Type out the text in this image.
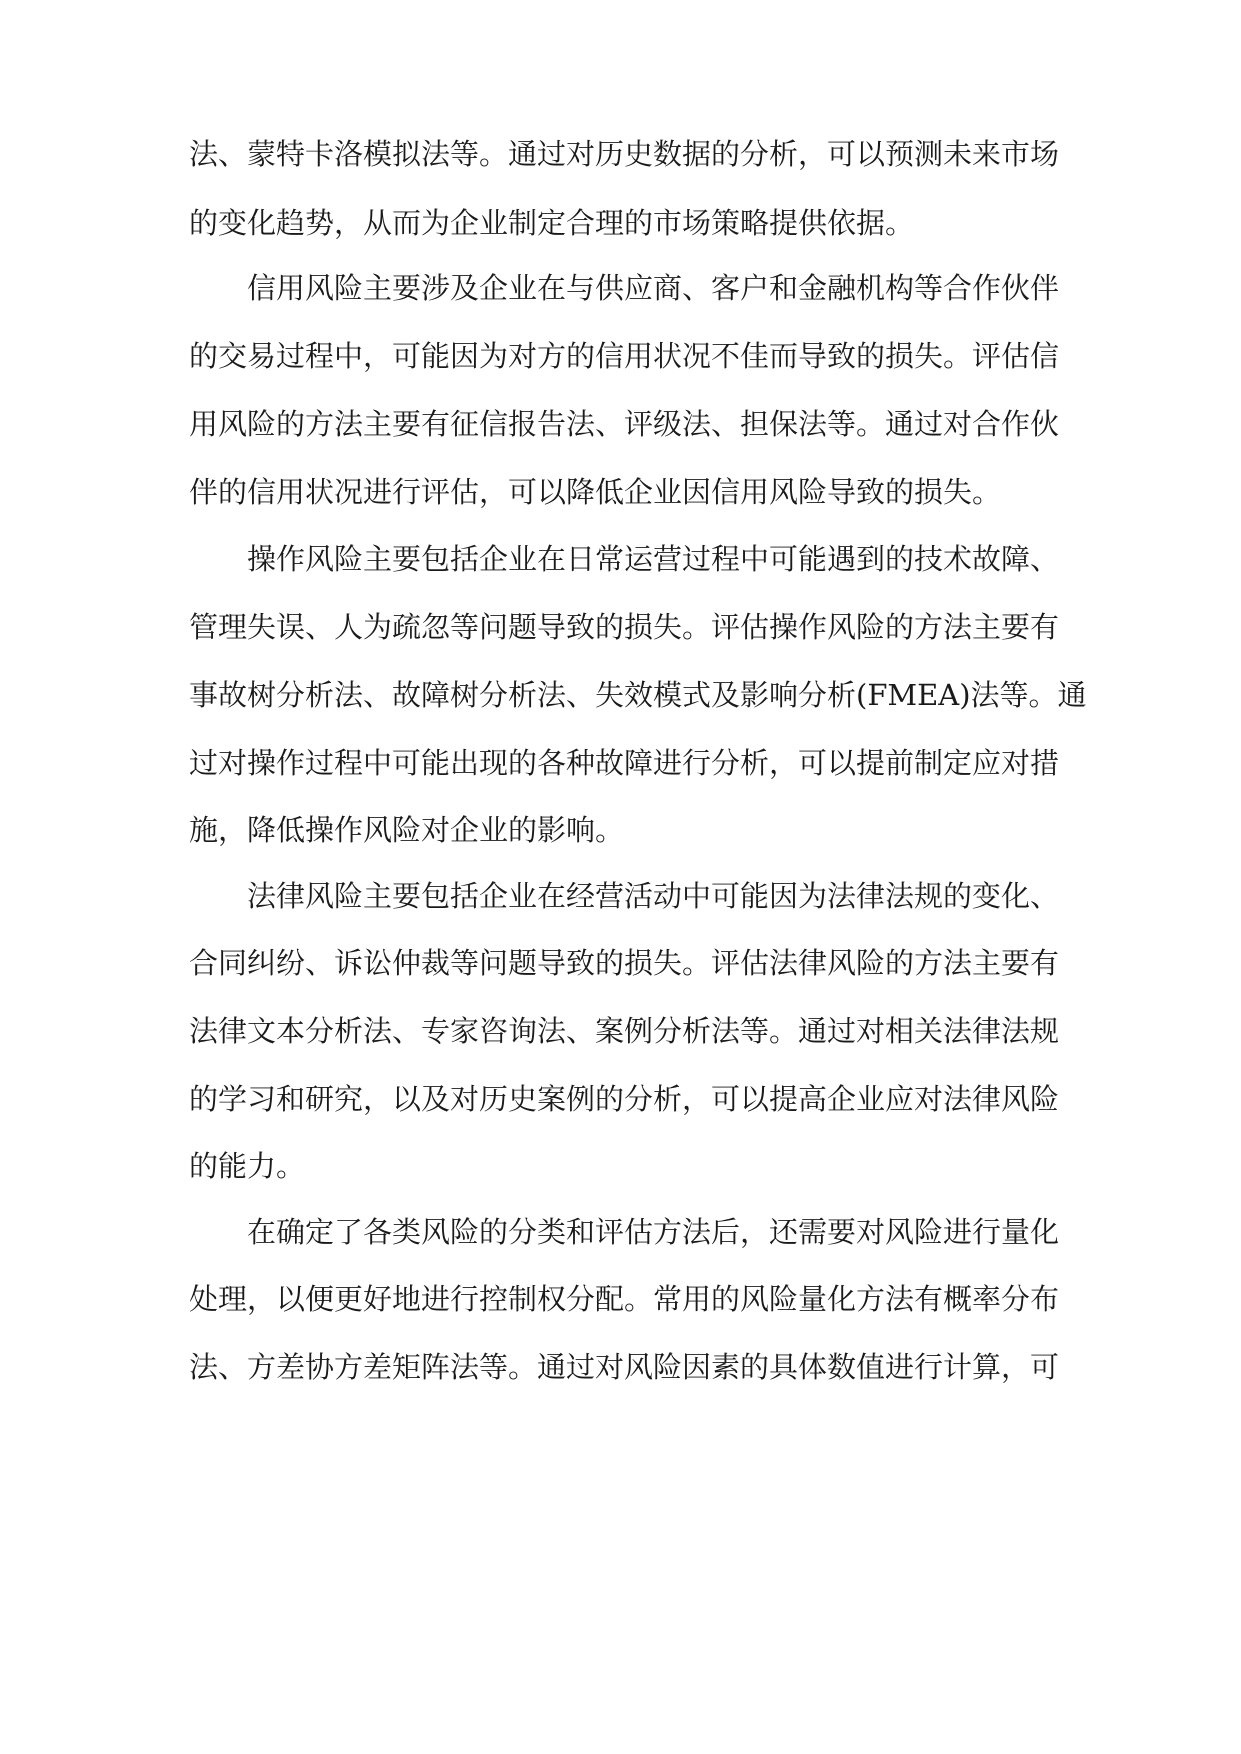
法、蒙特卡洛模拟法等。通过对历史数据的分析，可以预测未来市场
的变化趋势，从而为企业制定合理的市场策略提供依据。
信用风险主要涉及企业在与供应商、客户和金融机构等合作伙伴
的交易过程中，可能因为对方的信用状况不佳而导致的损失。评估信
用风险的方法主要有征信报告法、评级法、担保法等。通过对合作伙
伴的信用状况进行评估，可以降低企业因信用风险导致的损失。
操作风险主要包括企业在日常运营过程中可能遇到的技术故障、
管理失误、人为疏忽等问题导致的损失。评估操作风险的方法主要有
事故树分析法、故障树分析法、失效模式及影响分析(FMEA)法等。通
过对操作过程中可能出现的各种故障进行分析，可以提前制定应对措
施，降低操作风险对企业的影响。
法律风险主要包括企业在经营活动中可能因为法律法规的变化、
合同纠纷、诉讼仲裁等问题导致的损失。评估法律风险的方法主要有
法律文本分析法、专家咨询法、案例分析法等。通过对相关法律法规
的学习和研究，以及对历史案例的分析，可以提高企业应对法律风险
的能力。
在确定了各类风险的分类和评估方法后，还需要对风险进行量化
处理，以便更好地进行控制权分配。常用的风险量化方法有概率分布
法、方差协方差矩阵法等。通过对风险因素的具体数值进行计算，可
